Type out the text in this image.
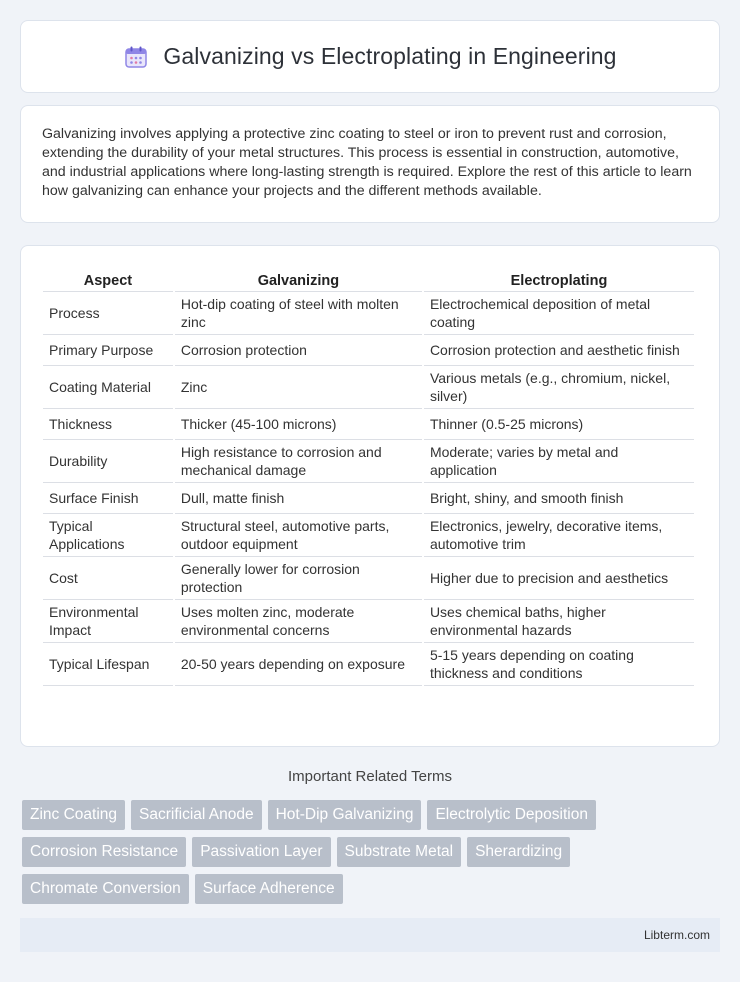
Galvanizing vs Electroplating in Engineering

Galvanizing involves applying a protective zinc coating to steel or iron to prevent rust and corrosion, extending the durability of your metal structures. This process is essential in construction, automotive, and industrial applications where long-lasting strength is required. Explore the rest of this article to learn how galvanizing can enhance your projects and the different methods available.

Aspect	Galvanizing	Electroplating
Process	Hot-dip coating of steel with molten zinc	Electrochemical deposition of metal coating
Primary Purpose	Corrosion protection	Corrosion protection and aesthetic finish
Coating Material	Zinc	Various metals (e.g., chromium, nickel, silver)
Thickness	Thicker (45-100 microns)	Thinner (0.5-25 microns)
Durability	High resistance to corrosion and mechanical damage	Moderate; varies by metal and application
Surface Finish	Dull, matte finish	Bright, shiny, and smooth finish
Typical Applications	Structural steel, automotive parts, outdoor equipment	Electronics, jewelry, decorative items, automotive trim
Cost	Generally lower for corrosion protection	Higher due to precision and aesthetics
Environmental Impact	Uses molten zinc, moderate environmental concerns	Uses chemical baths, higher environmental hazards
Typical Lifespan	20-50 years depending on exposure	5-15 years depending on coating thickness and conditions
Important Related Terms
Zinc Coating	Sacrificial Anode	Hot-Dip Galvanizing	Electrolytic Deposition
Corrosion Resistance	Passivation Layer	Substrate Metal	Sherardizing
Chromate Conversion	Surface Adherence
Libterm.com
